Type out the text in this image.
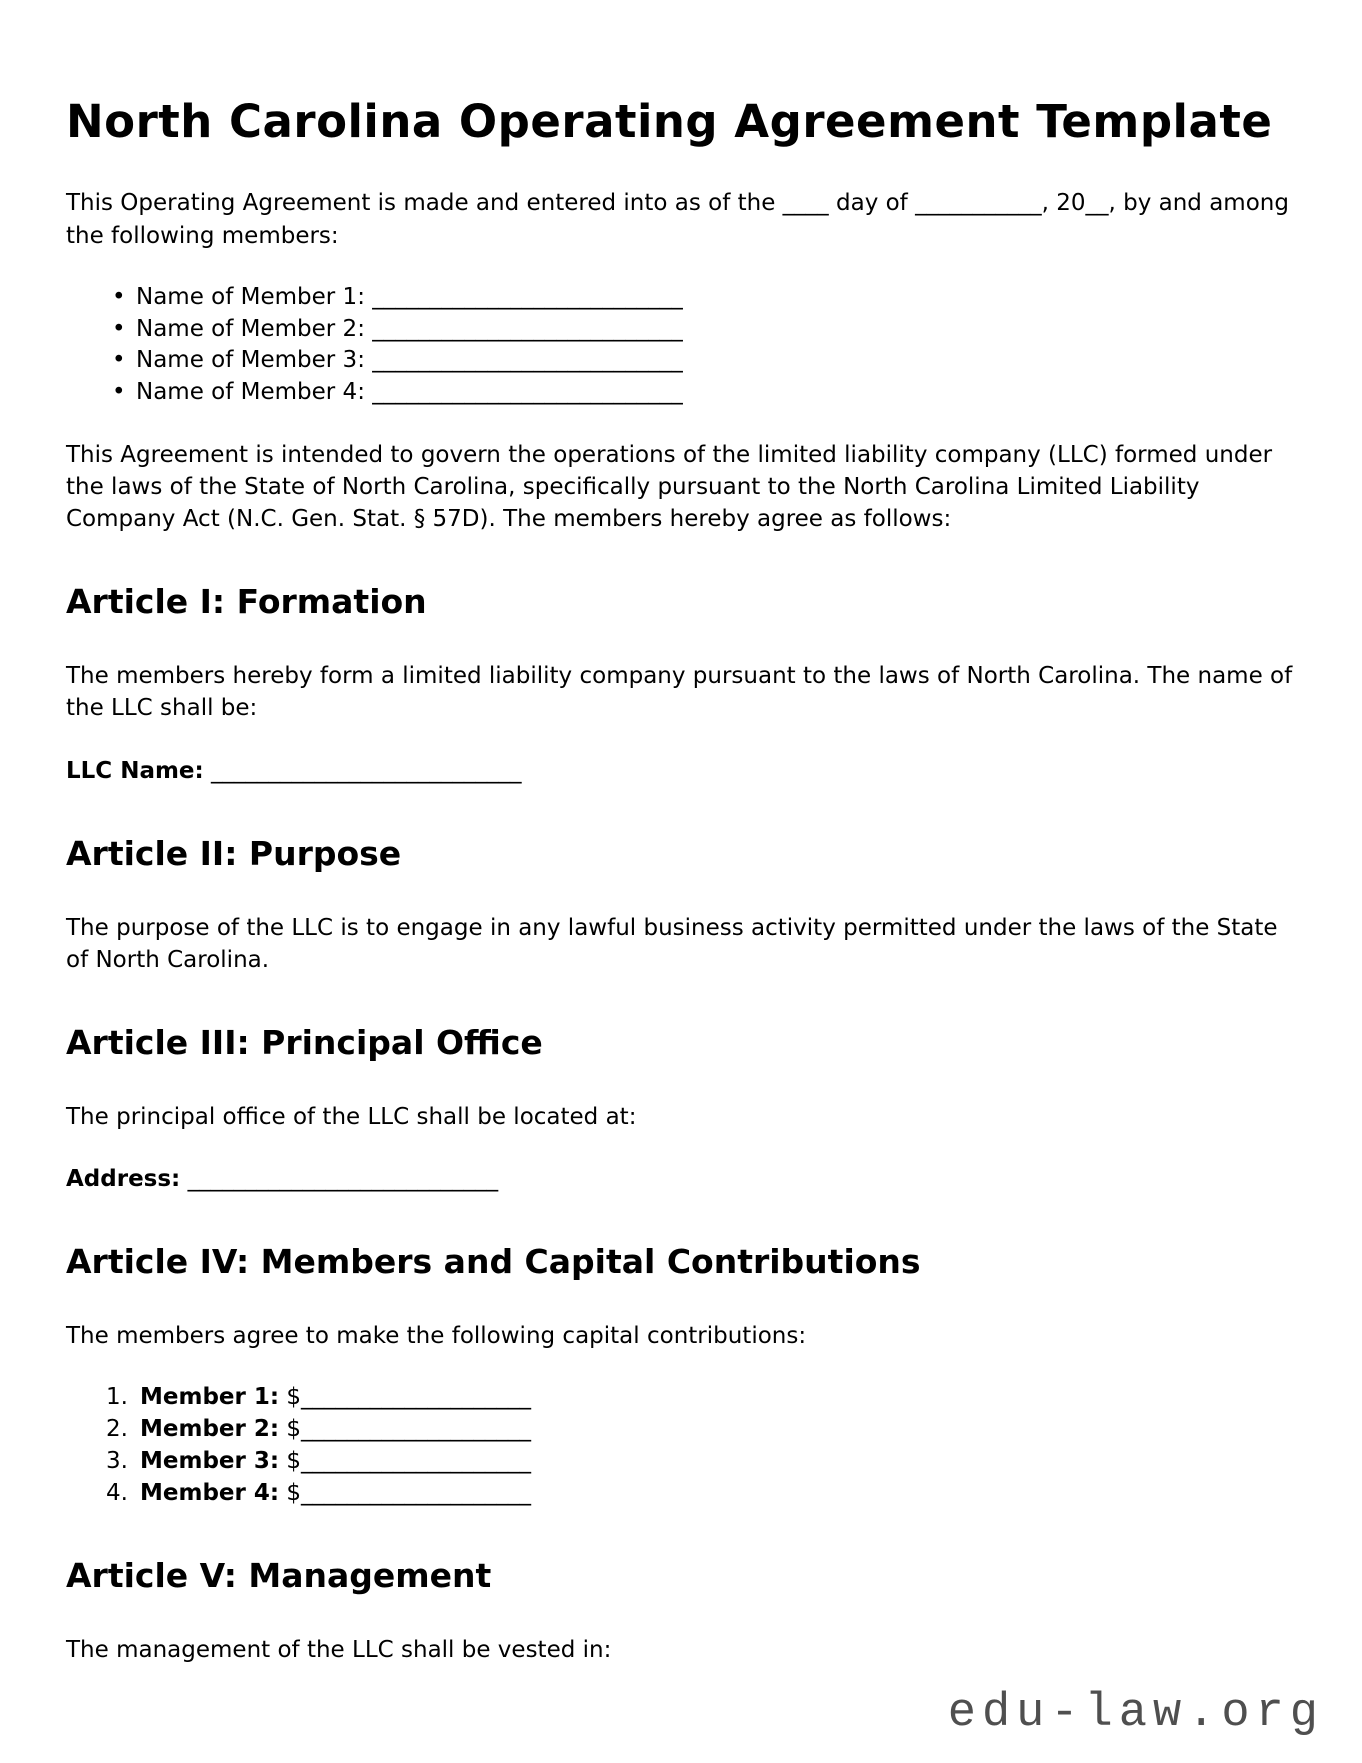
North Carolina Operating Agreement Template

This Operating Agreement is made and entered into as of the ____ day of ___________, 20__, by and among the following members:

• Name of Member 1: ___________________________
• Name of Member 2: ___________________________
• Name of Member 3: ___________________________
• Name of Member 4: ___________________________

This Agreement is intended to govern the operations of the limited liability company (LLC) formed under the laws of the State of North Carolina, specifically pursuant to the North Carolina Limited Liability Company Act (N.C. Gen. Stat. § 57D). The members hereby agree as follows:

Article I: Formation

The members hereby form a limited liability company pursuant to the laws of North Carolina. The name of the LLC shall be:

LLC Name: ___________________________

Article II: Purpose

The purpose of the LLC is to engage in any lawful business activity permitted under the laws of the State of North Carolina.

Article III: Principal Office

The principal office of the LLC shall be located at:

Address: ___________________________

Article IV: Members and Capital Contributions

The members agree to make the following capital contributions:

1. Member 1: $____________________
2. Member 2: $____________________
3. Member 3: $____________________
4. Member 4: $____________________
Article V: Management

The management of the LLC shall be vested in:

edu-law.org
